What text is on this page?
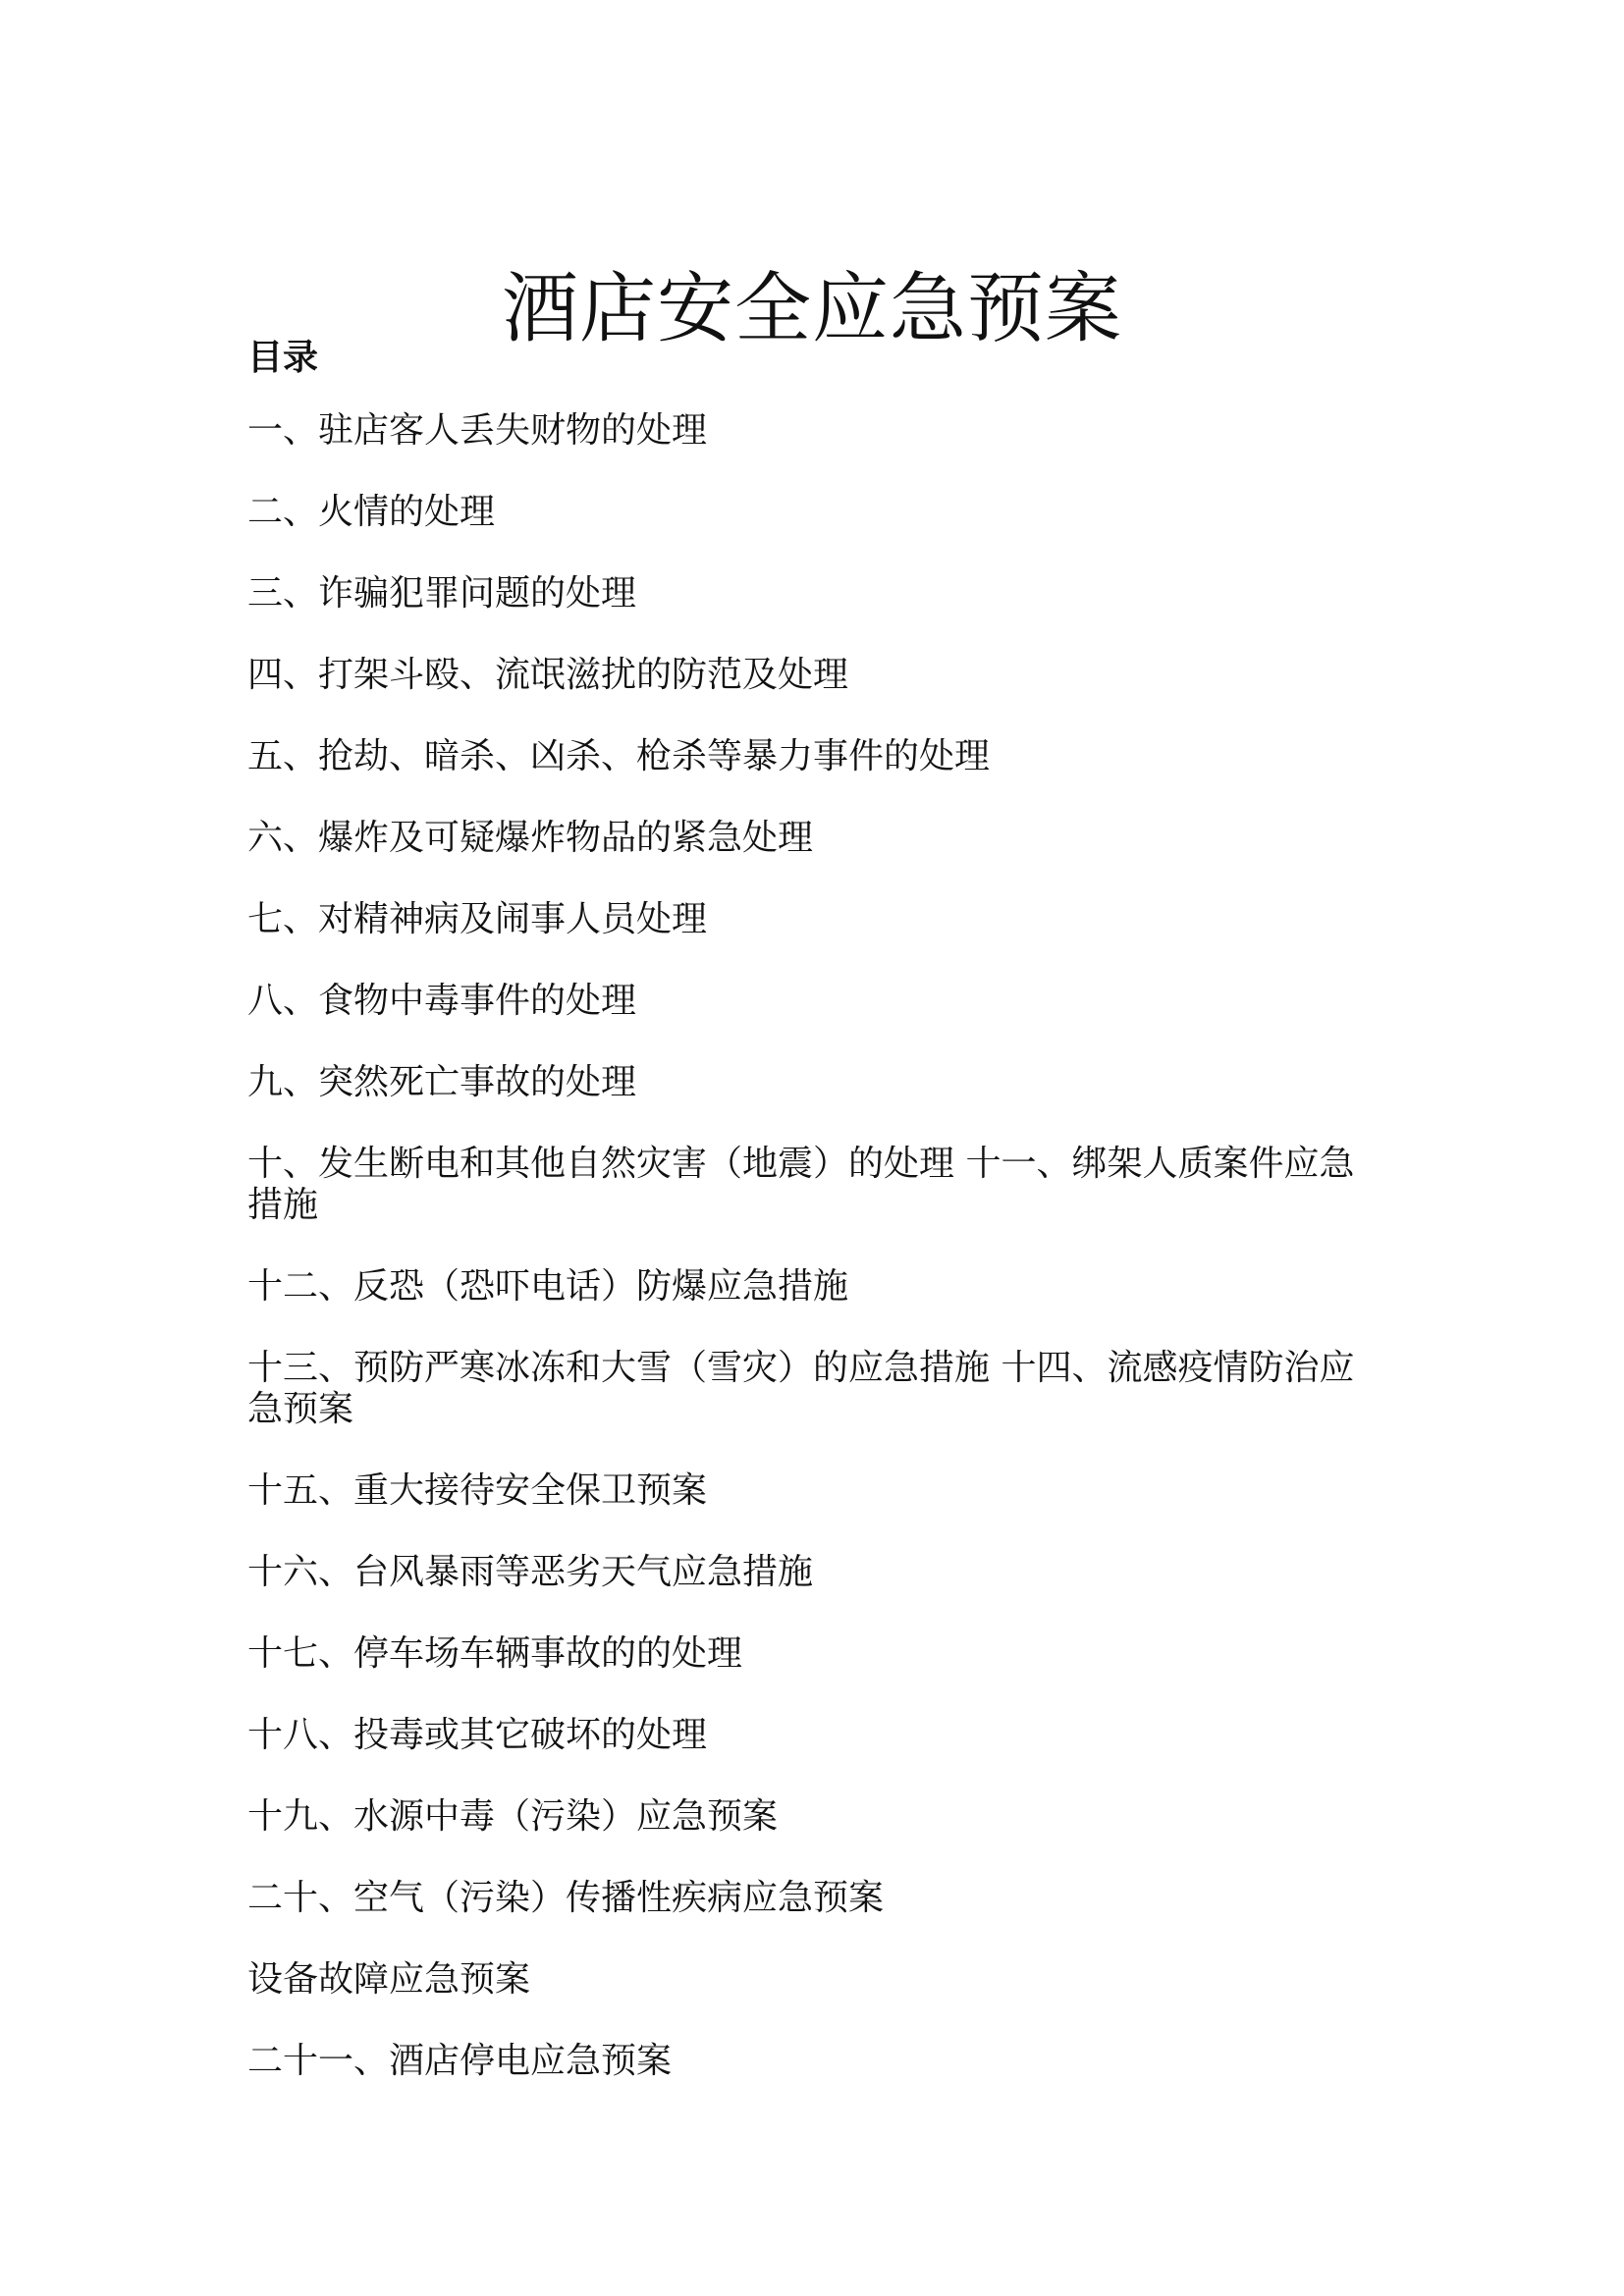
酒店安全应急预案
目录
一、驻店客人丢失财物的处理
二、火情的处理
三、诈骗犯罪问题的处理
四、打架斗殴、流氓滋扰的防范及处理
五、抢劫、暗杀、凶杀、枪杀等暴力事件的处理
六、爆炸及可疑爆炸物品的紧急处理
七、对精神病及闹事人员处理
八、食物中毒事件的处理
九、突然死亡事故的处理
十、发生断电和其他自然灾害（地震）的处理 十一、绑架人质案件应急措施
十二、反恐（恐吓电话）防爆应急措施
十三、预防严寒冰冻和大雪（雪灾）的应急措施 十四、流感疫情防治应急预案
十五、重大接待安全保卫预案
十六、台风暴雨等恶劣天气应急措施
十七、停车场车辆事故的的处理
十八、投毒或其它破坏的处理
十九、水源中毒（污染）应急预案
二十、空气（污染）传播性疾病应急预案
设备故障应急预案
二十一、酒店停电应急预案
